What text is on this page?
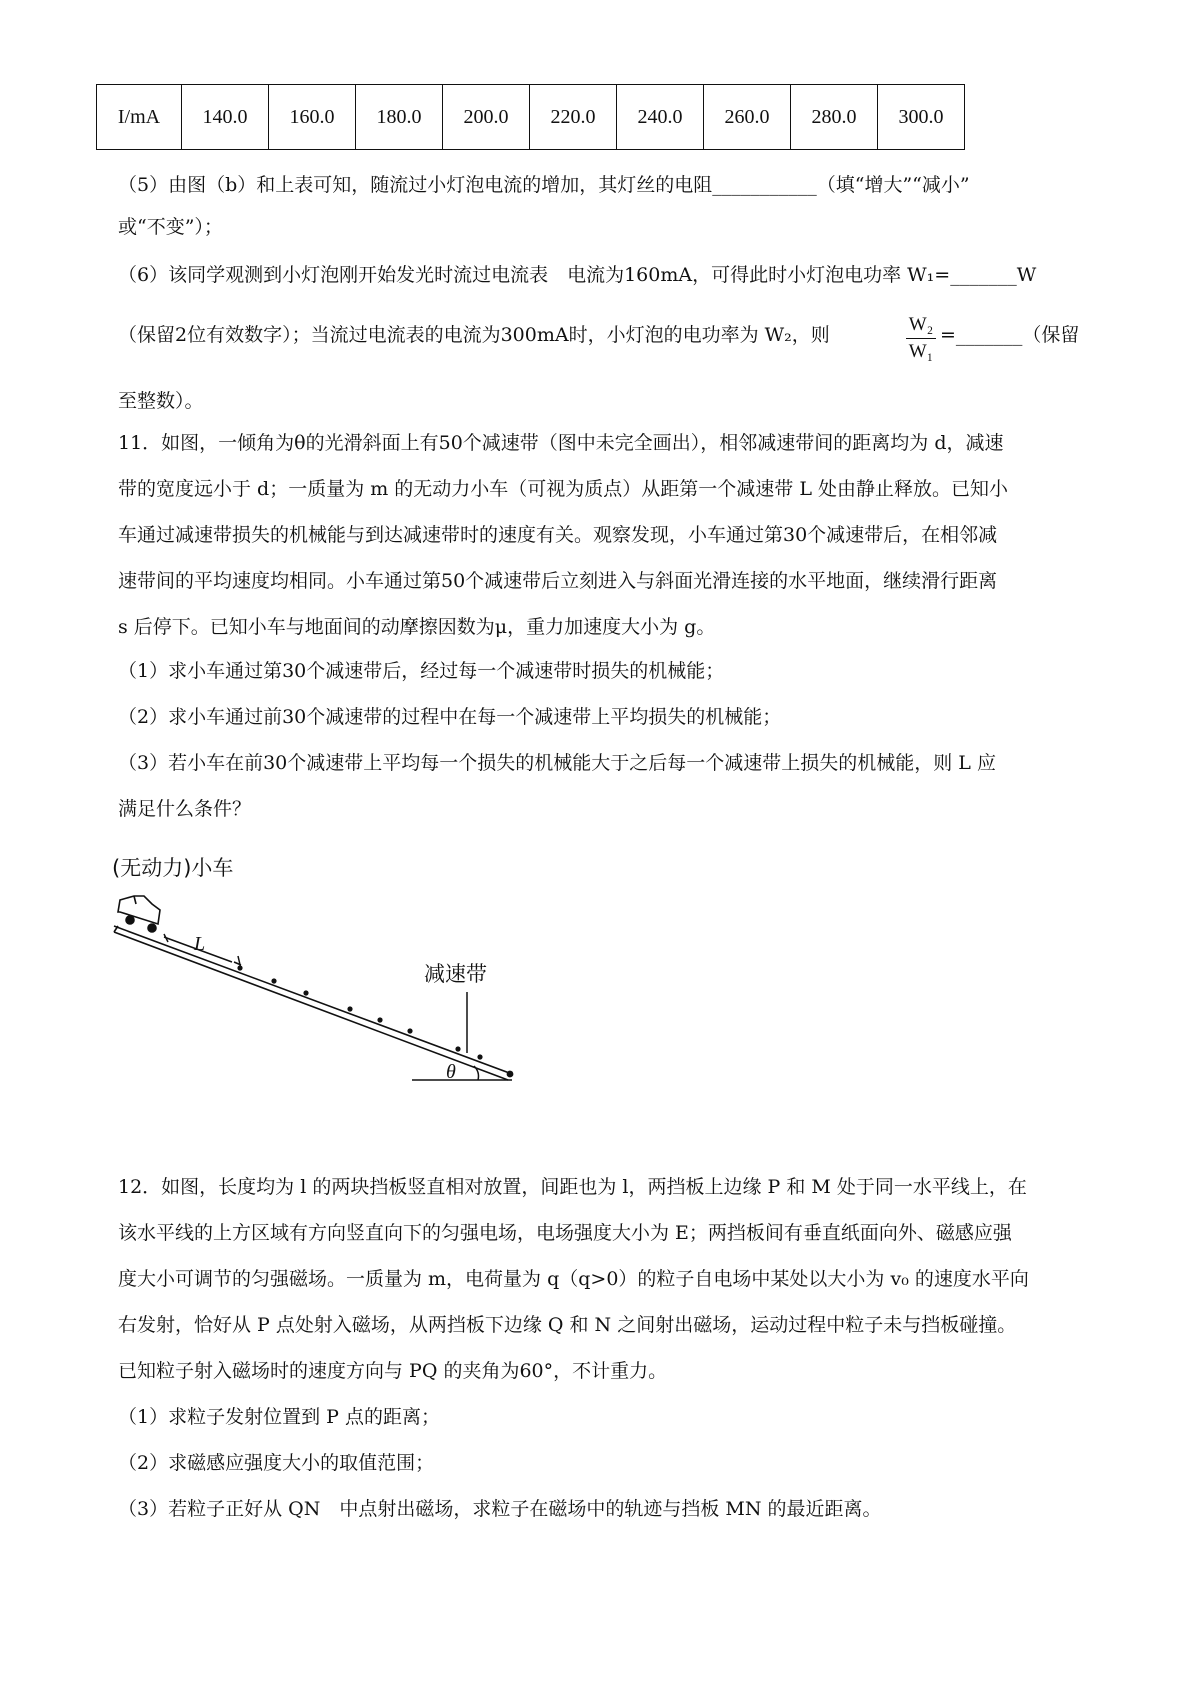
I/mA	140.0	160.0	180.0	200.0	220.0	240.0	260.0	280.0	300.0
（5）由图（b）和上表可知，随流过小灯泡电流的增加，其灯丝的电阻___________（填“增大”“减小”
或“不变”）；
（6）该同学观测到小灯泡刚开始发光时流过电流表　电流为160mA，可得此时小灯泡电功率 W₁=_______W
（保留2位有效数字）；当流过电流表的电流为300mA时，小灯泡的电功率为 W₂，则	$\frac{\text{W₂}}{\text{W₁}}$ =_______（保留
至整数）。
11．如图，一倾角为θ的光滑斜面上有50个减速带（图中未完全画出），相邻减速带间的距离均为 d，减速
带的宽度远小于 d；一质量为 m 的无动力小车（可视为质点）从距第一个减速带 L 处由静止释放。已知小
车通过减速带损失的机械能与到达减速带时的速度有关。观察发现，小车通过第30个减速带后，在相邻减
速带间的平均速度均相同。小车通过第50个减速带后立刻进入与斜面光滑连接的水平地面，继续滑行距离
s 后停下。已知小车与地面间的动摩擦因数为μ，重力加速度大小为 g。
（1）求小车通过第30个减速带后，经过每一个减速带时损失的机械能；
（2）求小车通过前30个减速带的过程中在每一个减速带上平均损失的机械能；
（3）若小车在前30个减速带上平均每一个损失的机械能大于之后每一个减速带上损失的机械能，则 L 应
满足什么条件？
(无动力)小车
减速带
L
θ
12．如图，长度均为 l 的两块挡板竖直相对放置，间距也为 l，两挡板上边缘 P 和 M 处于同一水平线上，在
该水平线的上方区域有方向竖直向下的匀强电场，电场强度大小为 E；两挡板间有垂直纸面向外、磁感应强
度大小可调节的匀强磁场。一质量为 m，电荷量为 q（q>0）的粒子自电场中某处以大小为 v₀ 的速度水平向
右发射，恰好从 P 点处射入磁场，从两挡板下边缘 Q 和 N 之间射出磁场，运动过程中粒子未与挡板碰撞。
已知粒子射入磁场时的速度方向与 PQ 的夹角为60°，不计重力。
（1）求粒子发射位置到 P 点的距离；
（2）求磁感应强度大小的取值范围；
（3）若粒子正好从 QN　中点射出磁场，求粒子在磁场中的轨迹与挡板 MN 的最近距离。
